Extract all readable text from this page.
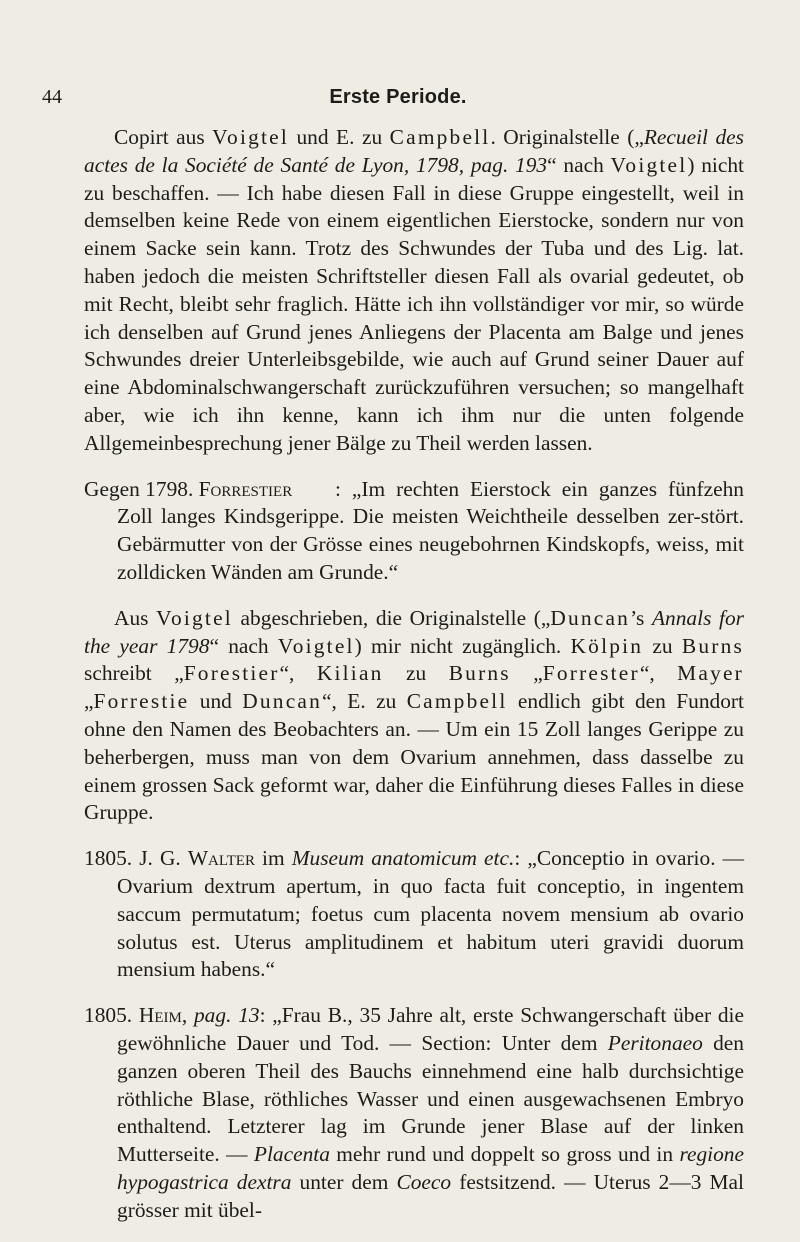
44	Erste Periode.

Copirt aus Voigtel und E. zu Campbell. Originalstelle („Recueil des actes de la Société de Santé de Lyon, 1798, pag. 193“ nach Voigtel) nicht zu beschaffen. — Ich habe diesen Fall in diese Gruppe eingestellt, weil in demselben keine Rede von einem eigentlichen Eierstocke, sondern nur von einem Sacke sein kann. Trotz des Schwundes der Tuba und des Lig. lat. haben jedoch die meisten Schriftsteller diesen Fall als ovarial gedeutet, ob mit Recht, bleibt sehr fraglich. Hätte ich ihn vollständiger vor mir, so würde ich denselben auf Grund jenes Anliegens der Placenta am Balge und jenes Schwundes dreier Unterleibsgebilde, wie auch auf Grund seiner Dauer auf eine Abdominalschwangerschaft zurückzuführen versuchen; so mangelhaft aber, wie ich ihn kenne, kann ich ihm nur die unten folgende Allgemeinbesprechung jener Bälge zu Theil werden lassen.

Gegen 1798. Forrestier	: „Im rechten Eierstock ein ganzes fünfzehn Zoll langes Kindsgerippe. Die meisten Weichtheile desselben zer-stört. Gebärmutter von der Grösse eines neugebohrnen Kindskopfs, weiss, mit zolldicken Wänden am Grunde.“

Aus Voigtel abgeschrieben, die Originalstelle („Duncan’s Annals for the year 1798“ nach Voigtel) mir nicht zugänglich. Kölpin zu Burns schreibt „Forestier“, Kilian zu Burns „Forrester“, Mayer „Forrestie und Duncan“, E. zu Campbell endlich gibt den Fundort ohne den Namen des Beobachters an. — Um ein 15 Zoll langes Gerippe zu beherbergen, muss man von dem Ovarium annehmen, dass dasselbe zu einem grossen Sack geformt war, daher die Einführung dieses Falles in diese Gruppe.

1805. J. G. Walter im Museum anatomicum etc.: „Conceptio in ovario. — Ovarium dextrum apertum, in quo facta fuit conceptio, in ingentem saccum permutatum; foetus cum placenta novem mensium ab ovario solutus est. Uterus amplitudinem et habitum uteri gravidi duorum mensium habens.“

1805. Heim, pag. 13: „Frau B., 35 Jahre alt, erste Schwangerschaft über die gewöhnliche Dauer und Tod. — Section: Unter dem Peritonaeo den ganzen oberen Theil des Bauchs einnehmend eine halb durchsichtige röthliche Blase, röthliches Wasser und einen ausgewachsenen Embryo enthaltend. Letzterer lag im Grunde jener Blase auf der linken Mutterseite. — Placenta mehr rund und doppelt so gross und in regione hypogastrica dextra unter dem Coeco festsitzend. — Uterus 2—3 Mal grösser mit übel-
